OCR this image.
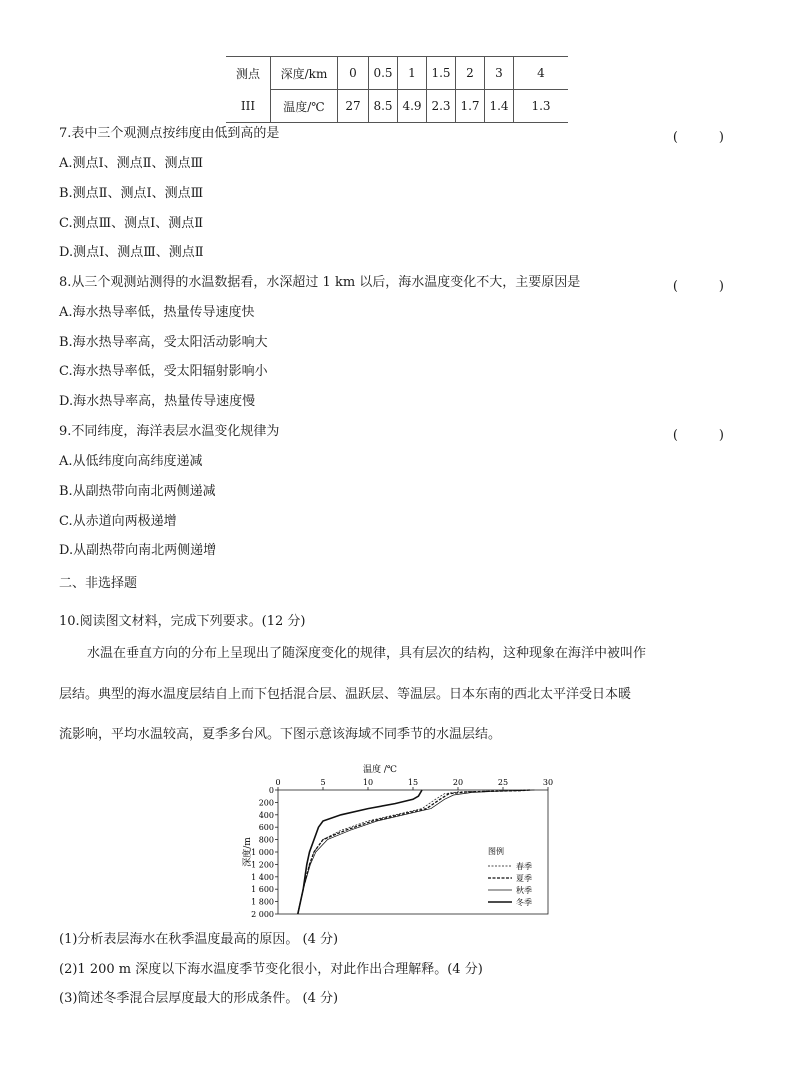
测点	深度/km	0	0.5	1	1.5	2	3	4
III	温度/℃	27	8.5	4.9	2.3	1.7	1.4	1.3
7.表中三个观测点按纬度由低到高的是	(　)
A.测点Ⅰ、测点Ⅱ、测点Ⅲ
B.测点Ⅱ、测点Ⅰ、测点Ⅲ
C.测点Ⅲ、测点Ⅰ、测点Ⅱ
D.测点Ⅰ、测点Ⅲ、测点Ⅱ
8.从三个观测站测得的水温数据看，水深超过 1 km 以后，海水温度变化不大，主要原因是	(　)
A.海水热导率低，热量传导速度快
B.海水热导率高，受太阳活动影响大
C.海水热导率低，受太阳辐射影响小
D.海水热导率高，热量传导速度慢
9.不同纬度，海洋表层水温变化规律为	(　)
A.从低纬度向高纬度递减
B.从副热带向南北两侧递减
C.从赤道向两极递增
D.从副热带向南北两侧递增
二、非选择题
10.阅读图文材料，完成下列要求。(12 分)
水温在垂直方向的分布上呈现出了随深度变化的规律，具有层次的结构，这种现象在海洋中被叫作
层结。典型的海水温度层结自上而下包括混合层、温跃层、等温层。日本东南的西北太平洋受日本暖
流影响，平均水温较高，夏季多台风。下图示意该海域不同季节的水温层结。
温度 /℃
深度/m
0	5	10	15	20	25	30
0
200
400
600
800
1 000
1 200
1 400
1 600
1 800
2 000
图例
春季
夏季
秋季
冬季
(1)分析表层海水在秋季温度最高的原因。 (4 分)
(2)1 200 m 深度以下海水温度季节变化很小，对此作出合理解释。(4 分)
(3)简述冬季混合层厚度最大的形成条件。 (4 分)
